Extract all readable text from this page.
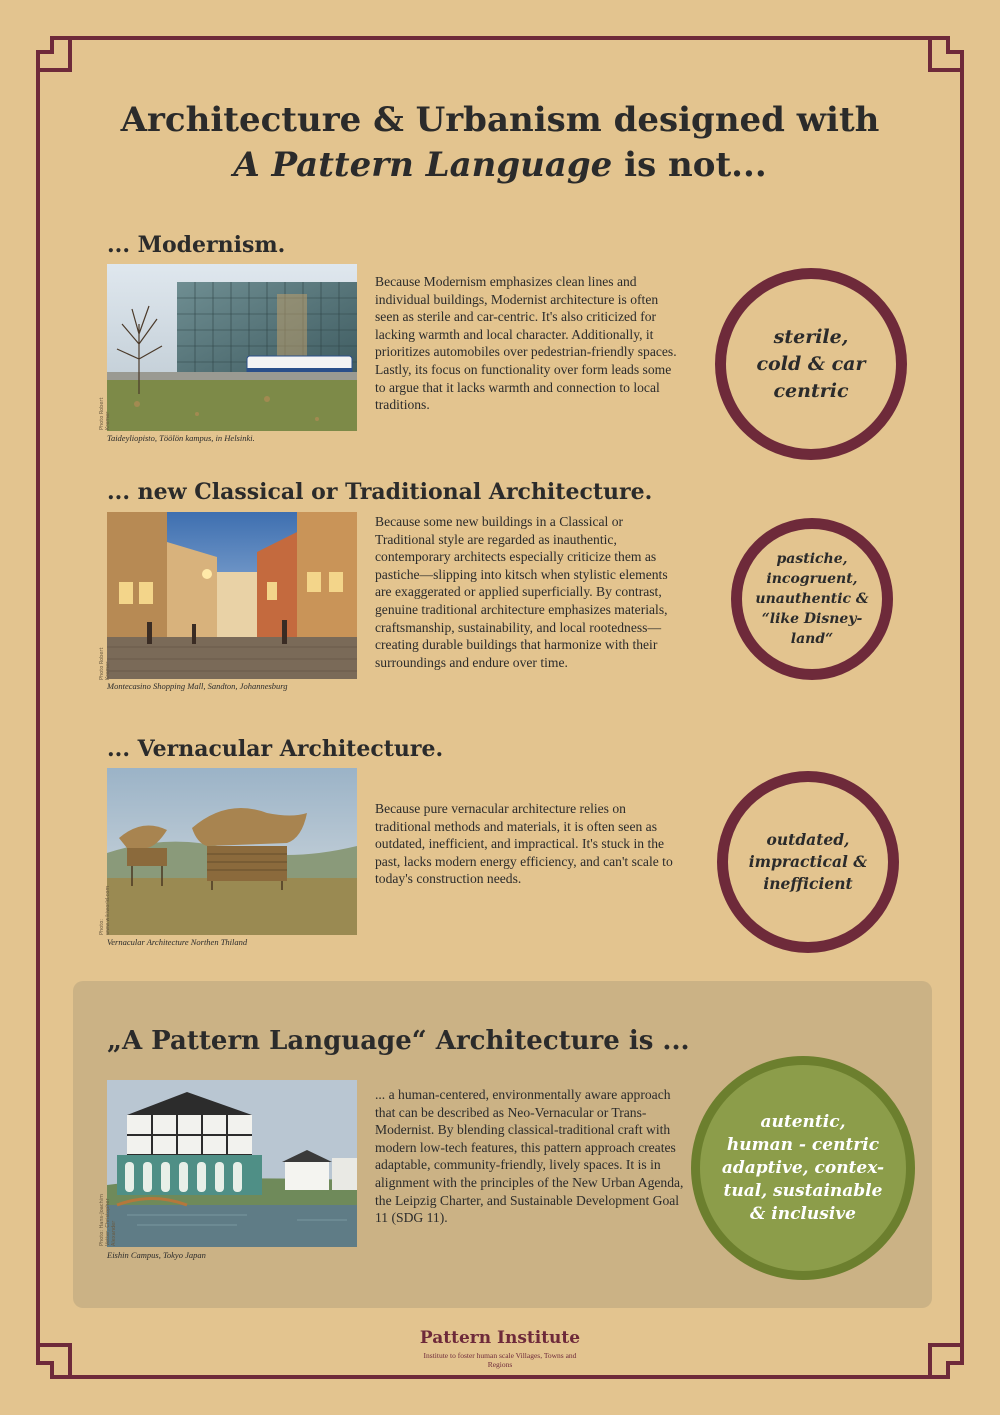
Architecture & Urbanism designed with
A Pattern Language is not...
... Modernism.
Photo Robert Kremer
Taideyliopisto, Töölön kampus, in Helsinki.
Because Modernism emphasizes clean lines and individual buildings, Modernist architecture is often seen as sterile and car-centric. It's also criticized for lacking warmth and local character. Additionally, it prioritizes automobiles over pedestrian-friendly spaces. Lastly, its focus on functionality over form leads some to argue that it lacks warmth and connection to local traditions.
sterile,
cold & car
centric
... new Classical or Traditional Architecture.
Photo Robert Kremer
Montecasino Shopping Mall, Sandton, Johannesburg
Because some new buildings in a Classical or Traditional style are regarded as inauthentic, contemporary architects especially criticize them as pastiche—slipping into kitsch when stylistic elements are exaggerated or applied superficially. By contrast, genuine traditional architecture emphasizes materials, craftsmanship, sustainability, and local rootedness—creating durable buildings that harmonize with their surroundings and endure over time.
pastiche,
incogruent,
unauthentic &
“like Disney-
land“
... Vernacular Architecture.
Photo: www.wikiworld.com
Vernacular Architecture Northen Thiland
Because pure vernacular architecture relies on traditional methods and materials, it is often seen as outdated, inefficient, and impractical. It's stuck in the past, lacks modern energy efficiency, and can't scale to today's construction needs.
outdated,
impractical &
inefficient
„A Pattern Language“ Architecture is ...
Photo: Hans-Joachim Vetter, Christopher Alexander
Eishin Campus, Tokyo Japan
... a human-centered, environmentally aware approach that can be described as Neo-Vernacular or Trans-Modernist. By blending classical-traditional craft with modern low-tech features, this pattern approach creates adaptable, community-friendly, lively spaces. It is in alignment with the principles of the New Urban Agenda, the Leipzig Charter, and Sustainable Development Goal 11 (SDG 11).
autentic,
human - centric
adaptive, contex-
tual, sustainable
& inclusive
Pattern Institute
Institute to foster human scale Villages, Towns and Regions
